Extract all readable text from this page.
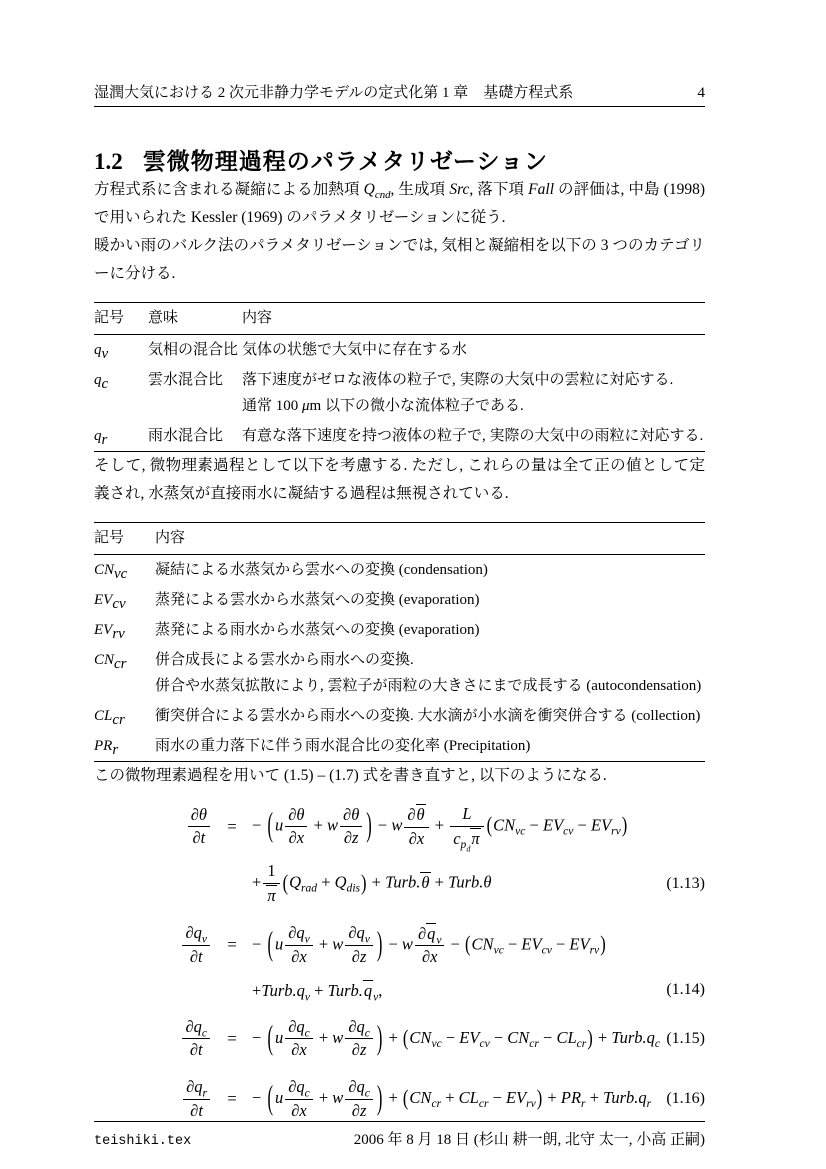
湿潤大気における 2 次元非静力学モデルの定式化第 1 章　基礎方程式系	4
1.2 雲微物理過程のパラメタリゼーション

方程式系に含まれる凝縮による加熱項 $Q_{cnd}$, 生成項 Src, 落下項 Fall の評価は, 中島 (1998) で用いられた Kessler (1969) のパラメタリゼーションに従う.

暖かい雨のバルク法のパラメタリゼーションでは, 気相と凝縮相を以下の 3 つのカテゴリーに分ける.

記号	意味	内容
$q_v$	気相の混合比	気体の状態で大気中に存在する水
$q_c$	雲水混合比	落下速度がゼロな液体の粒子で, 実際の大気中の雲粒に対応する.
通常 100 μm 以下の微小な流体粒子である.
$q_r$	雨水混合比	有意な落下速度を持つ液体の粒子で, 実際の大気中の雨粒に対応する.

そして, 微物理素過程として以下を考慮する. ただし, これらの量は全て正の値として定義され, 水蒸気が直接雨水に凝結する過程は無視されている.

記号	内容
$CN_{vc}$	凝結による水蒸気から雲水への変換 (condensation)
$EV_{cv}$	蒸発による雲水から水蒸気への変換 (evaporation)
$EV_{rv}$	蒸発による雨水から水蒸気への変換 (evaporation)
$CN_{cr}$	併合成長による雲水から雨水への変換.
併合や水蒸気拡散により, 雲粒子が雨粒の大きさにまで成長する (autocondensation)
$CL_{cr}$	衝突併合による雲水から雨水への変換. 大水滴が小水滴を衝突併合する (collection)
$PR_r$	雨水の重力落下に伴う雨水混合比の変化率 (Precipitation)

この微物理素過程を用いて (1.5) – (1.7) 式を書き直すと, 以下のようになる.

∂θ
∂t
= − ( u $\frac{\partial\theta}{\partial x} + w \frac{\partial\theta}{\partial z}$ ) − w $\frac{\partial\theta}{\partial x}$ +
L
$c_{p_d}\pi$
$(CN_{vc} - EV_{cv} - EV_{rv})$
+ $\frac{1}{\pi} (Q_{rad} + Q_{dis})$ + Turb.θ + Turb.θ	(1.13)
$\partial q_v$
∂t
= − ( u $\frac{\partial q_v}{\partial x} + w \frac{\partial q_v}{\partial z}$ ) − w $\frac{\partial q_v}{\partial x} - (CN_{vc} - EV_{cv} - EV_{rv})$
$+Turb.q_v$ + $Turb.q_v$,	(1.14)
$\partial q_c$
∂t
= − ( u $\frac{\partial q_c}{\partial x} + w \frac{\partial q_c}{\partial z}$ ) + $(CN_{vc} - EV_{cv} - CN_{cr} - CL_{cr})$ + $Turb.q_c$ (1.15)
$\partial q_r$
∂t
= − ( u $\frac{\partial q_c}{\partial x} + w \frac{\partial q_c}{\partial z}$ ) + $(CN_{cr} + CL_{cr} - EV_{rv}) + PR_r$ + $Turb.q_r$ (1.16)
teishiki.tex	2006 年 8 月 18 日 (杉山 耕一朗, 北守 太一, 小高 正嗣)
